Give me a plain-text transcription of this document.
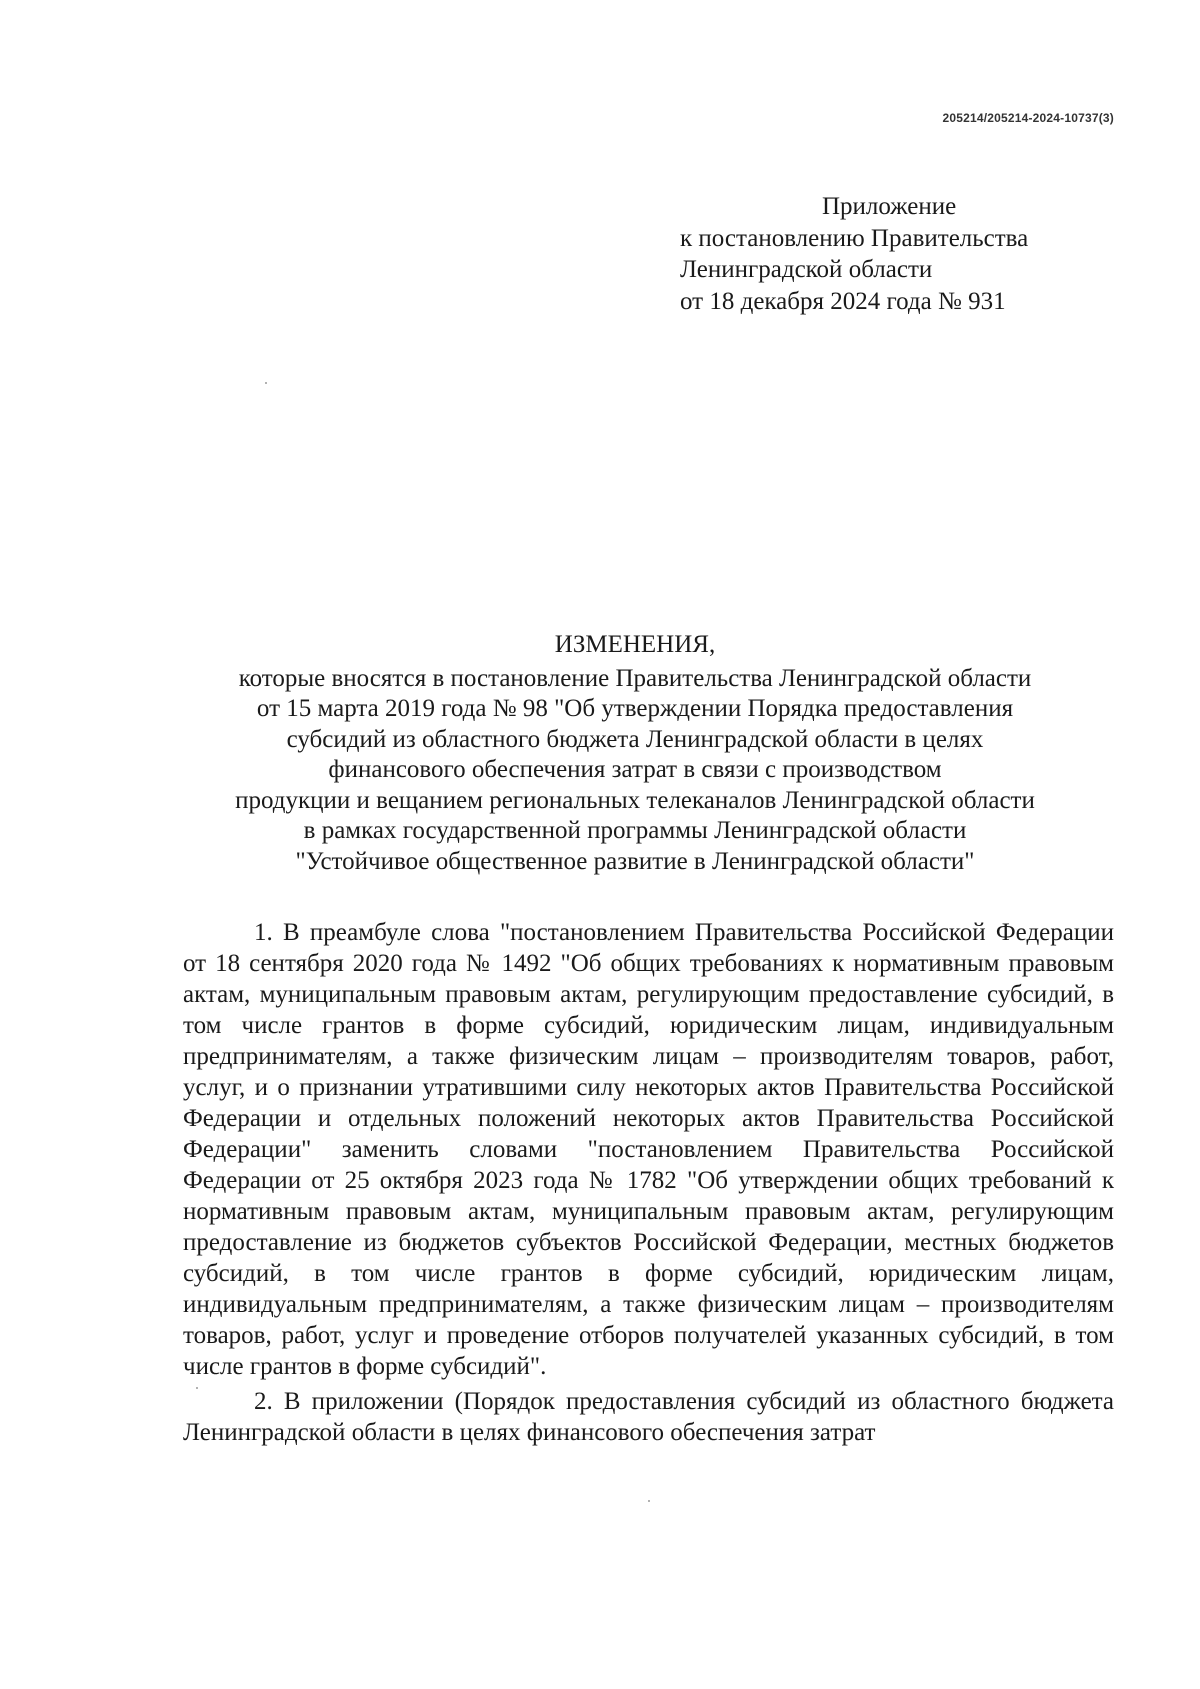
205214/205214-2024-10737(3)
Приложение
к постановлению Правительства
Ленинградской области
от 18 декабря 2024 года № 931
ИЗМЕНЕНИЯ,
которые вносятся в постановление Правительства Ленинградской области
от 15 марта 2019 года № 98 "Об утверждении Порядка предоставления
субсидий из областного бюджета Ленинградской области в целях
финансового обеспечения затрат в связи с производством
продукции и вещанием региональных телеканалов Ленинградской области
в рамках государственной программы Ленинградской области
"Устойчивое общественное развитие в Ленинградской области"

1. В преамбуле слова "постановлением Правительства Российской Федерации от 18 сентября 2020 года № 1492 "Об общих требованиях к нормативным правовым актам, муниципальным правовым актам, регулирующим предоставление субсидий, в том числе грантов в форме субсидий, юридическим лицам, индивидуальным предпринимателям, а также физическим лицам – производителям товаров, работ, услуг, и о признании утратившими силу некоторых актов Правительства Российской Федерации и отдельных положений некоторых актов Правительства Российской Федерации" заменить словами "постановлением Правительства Российской Федерации от 25 октября 2023 года № 1782 "Об утверждении общих требований к нормативным правовым актам, муниципальным правовым актам, регулирующим предоставление из бюджетов субъектов Российской Федерации, местных бюджетов субсидий, в том числе грантов в форме субсидий, юридическим лицам, индивидуальным предпринимателям, а также физическим лицам – производителям товаров, работ, услуг и проведение отборов получателей указанных субсидий, в том числе грантов в форме субсидий".

2. В приложении (Порядок предоставления субсидий из областного бюджета Ленинградской области в целях финансового обеспечения затрат
